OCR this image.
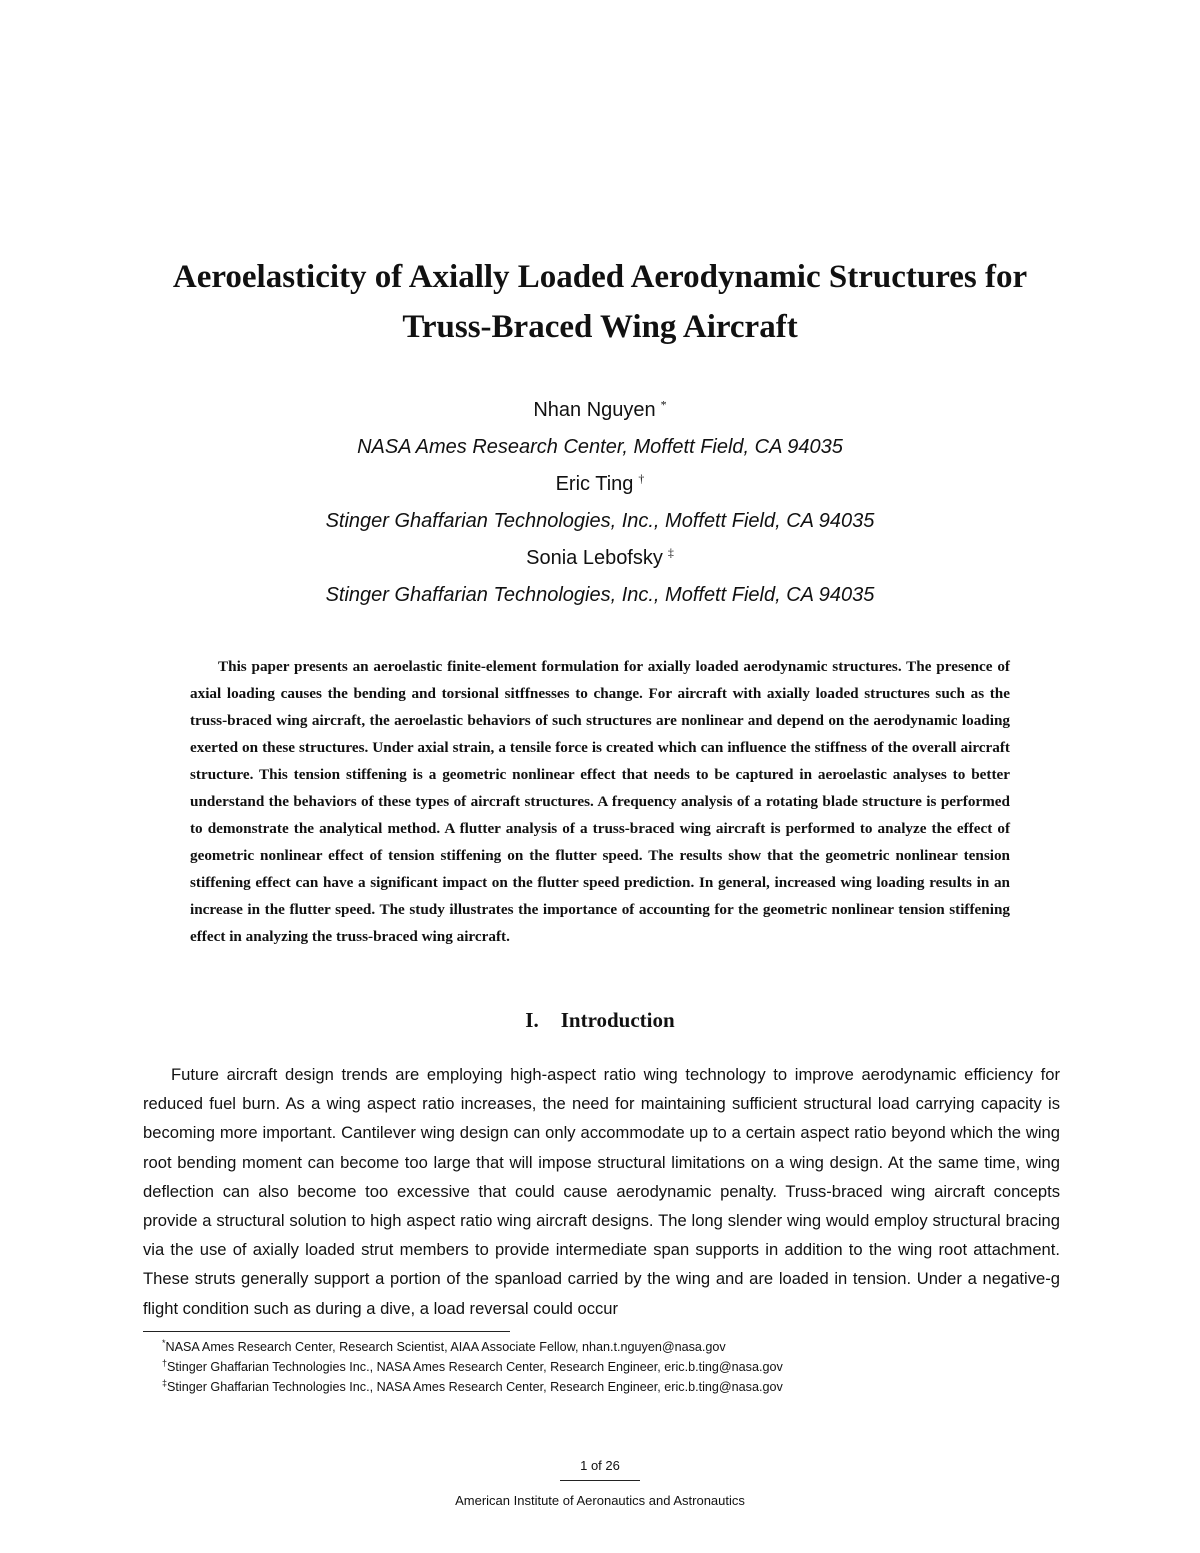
Aeroelasticity of Axially Loaded Aerodynamic Structures for
Truss-Braced Wing Aircraft
Nhan Nguyen *
NASA Ames Research Center, Moffett Field, CA 94035
Eric Ting †
Stinger Ghaffarian Technologies, Inc., Moffett Field, CA 94035
Sonia Lebofsky ‡
Stinger Ghaffarian Technologies, Inc., Moffett Field, CA 94035

This paper presents an aeroelastic finite-element formulation for axially loaded aerodynamic structures. The presence of axial loading causes the bending and torsional sitffnesses to change. For aircraft with axially loaded structures such as the truss-braced wing aircraft, the aeroelastic behaviors of such structures are nonlinear and depend on the aerodynamic loading exerted on these structures. Under axial strain, a tensile force is created which can influence the stiffness of the overall aircraft structure. This tension stiffening is a geometric nonlinear effect that needs to be captured in aeroelastic analyses to better understand the behaviors of these types of aircraft structures. A frequency analysis of a rotating blade structure is performed to demonstrate the analytical method. A flutter analysis of a truss-braced wing aircraft is performed to analyze the effect of geometric nonlinear effect of tension stiffening on the flutter speed. The results show that the geometric nonlinear tension stiffening effect can have a significant impact on the flutter speed prediction. In general, increased wing loading results in an increase in the flutter speed. The study illustrates the importance of accounting for the geometric nonlinear tension stiffening effect in analyzing the truss-braced wing aircraft.

I. Introduction

Future aircraft design trends are employing high-aspect ratio wing technology to improve aerodynamic efficiency for reduced fuel burn. As a wing aspect ratio increases, the need for maintaining sufficient structural load carrying capacity is becoming more important. Cantilever wing design can only accommodate up to a certain aspect ratio beyond which the wing root bending moment can become too large that will impose structural limitations on a wing design. At the same time, wing deflection can also become too excessive that could cause aerodynamic penalty. Truss-braced wing aircraft concepts provide a structural solution to high aspect ratio wing aircraft designs. The long slender wing would employ structural bracing via the use of axially loaded strut members to provide intermediate span supports in addition to the wing root attachment. These struts generally support a portion of the spanload carried by the wing and are loaded in tension. Under a negative-g flight condition such as during a dive, a load reversal could occur

*NASA Ames Research Center, Research Scientist, AIAA Associate Fellow, nhan.t.nguyen@nasa.gov
†Stinger Ghaffarian Technologies Inc., NASA Ames Research Center, Research Engineer, eric.b.ting@nasa.gov
‡Stinger Ghaffarian Technologies Inc., NASA Ames Research Center, Research Engineer, eric.b.ting@nasa.gov
1 of 26
American Institute of Aeronautics and Astronautics
